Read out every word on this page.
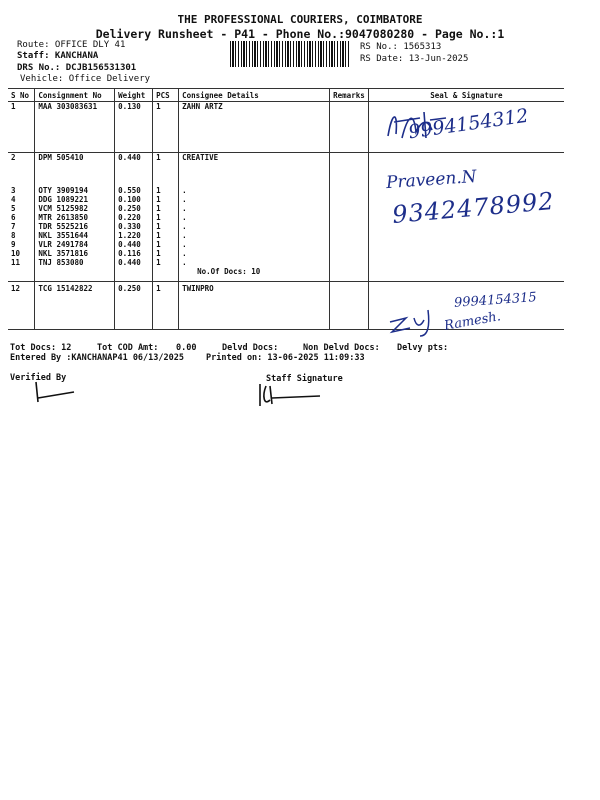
THE PROFESSIONAL COURIERS, COIMBATORE
Delivery Runsheet - P41 - Phone No.:9047080280 - Page No.:1
Route: OFFICE DLY 41
Staff: KANCHANA
DRS No.: DCJB156531301
Vehicle: Office Delivery
RS No.: 1565313
RS Date: 13-Jun-2025
S No	Consignment No	Weight	PCS	Consignee Details	Remarks	Seal & Signature
1	MAA 303083631	0.130	1	ZAHN ARTZ		
2	DPM 505410	0.440	1	CREATIVE		
3	OTY 3909194	0.550	1	.		
4	DDG 1089221	0.100	1	.		
5	VCM 5125982	0.250	1	.		
6	MTR 2613850	0.220	1	.		
7	TDR 5525216	0.330	1	.		
8	NKL 3551644	1.220	1	.		
9	VLR 2491784	0.440	1	.		
10	NKL 3571816	0.116	1	.		
11	TNJ 853080	0.440	1	.		
				No.Of Docs: 10		
12	TCG 15142822	0.250	1	TWINPRO		
9994154312
Praveen.N
9342478992
9994154315
Ramesh.
Tot Docs: 12	Tot COD Amt: 0.00	Delvd Docs:	Non Delvd Docs: Delvy pts:
Entered By :KANCHANAP41 06/13/2025	Printed on: 13-06-2025 11:09:33
Verified By	Staff Signature
